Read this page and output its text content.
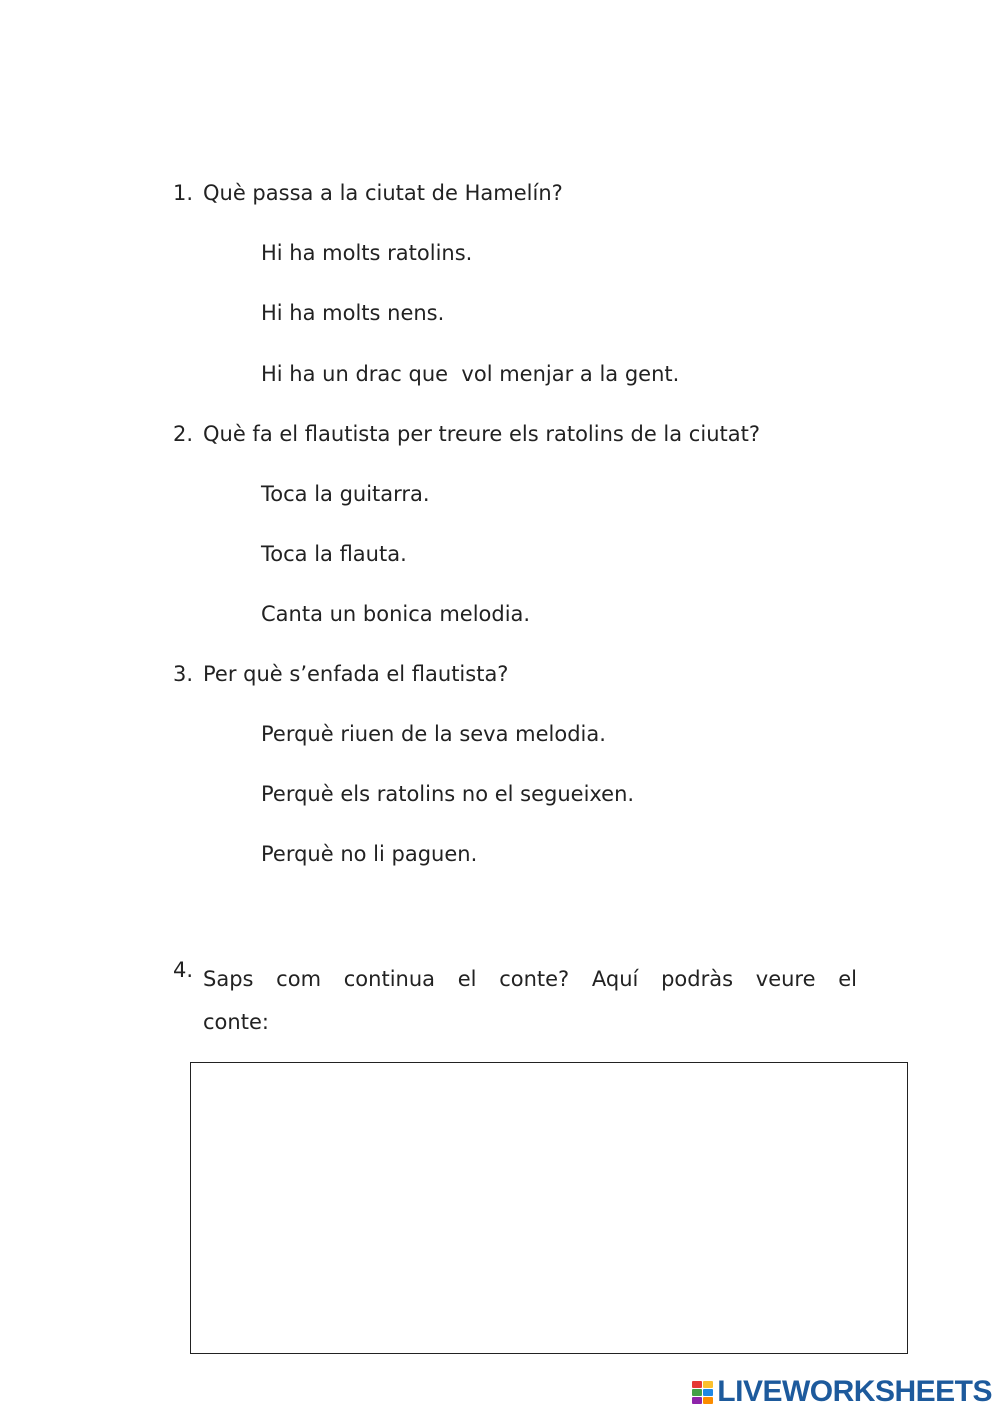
1. Què passa a la ciutat de Hamelín?
Hi ha molts ratolins.
Hi ha molts nens.
Hi ha un drac que  vol menjar a la gent.
2. Què fa el flautista per treure els ratolins de la ciutat?
Toca la guitarra.
Toca la flauta.
Canta un bonica melodia.
3. Per què s’enfada el flautista?
Perquè riuen de la seva melodia.
Perquè els ratolins no el segueixen.
Perquè no li paguen.
4. Saps com continua el conte? Aquí podràs veure el conte:
LIVEWORKSHEETS
